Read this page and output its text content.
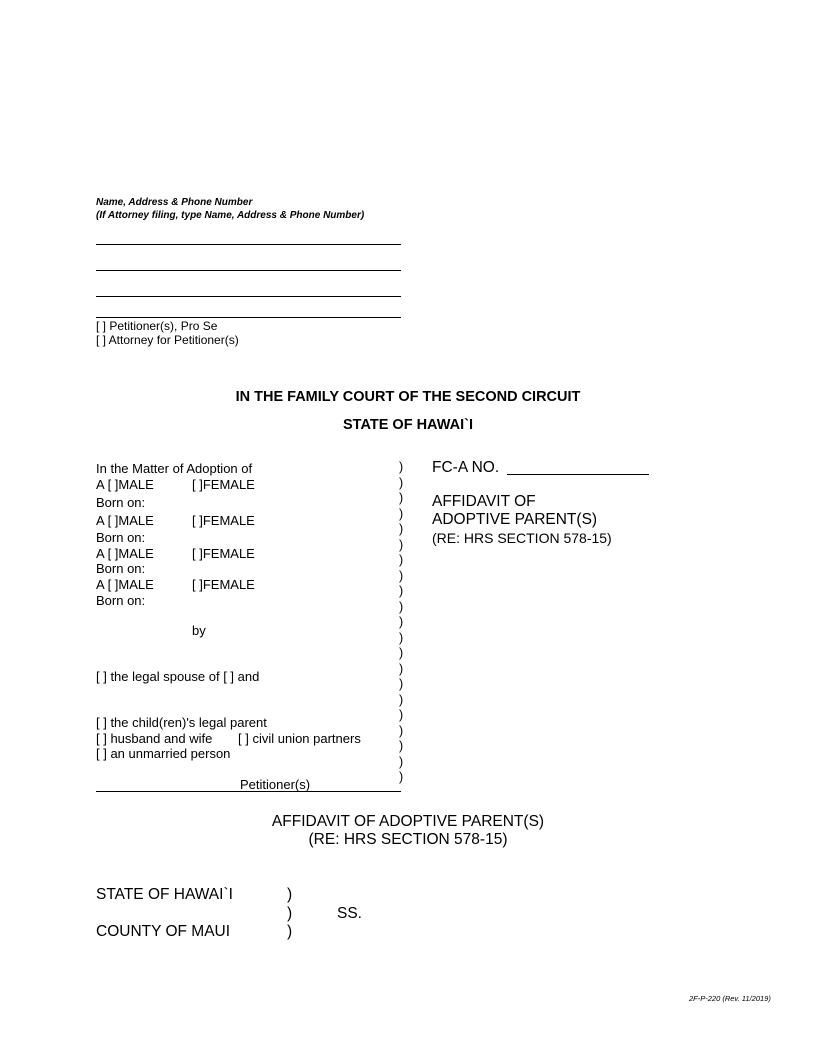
Name, Address & Phone Number
(If Attorney filing, type Name, Address & Phone Number)
[ ] Petitioner(s), Pro Se
[ ] Attorney for Petitioner(s)
IN THE FAMILY COURT OF THE SECOND CIRCUIT
STATE OF HAWAI`I
In the Matter of Adoption of
A [ ]MALE	[ ]FEMALE
Born on:
A [ ]MALE	[ ]FEMALE
Born on:
A [ ]MALE	[ ]FEMALE
Born on:
A [ ]MALE	[ ]FEMALE
Born on:
by
[ ] the legal spouse of [ ] and
[ ] the child(ren)'s legal parent
[ ] husband and wife [ ] civil union partners
[ ] an unmarried person
Petitioner(s)
)
)
)
)
)
)
)
)
)
)
)
)
)
)
)
)
)
)
)
)
)
FC-A NO.
AFFIDAVIT OF
ADOPTIVE PARENT(S)
(RE: HRS SECTION 578-15)
AFFIDAVIT OF ADOPTIVE PARENT(S)
(RE: HRS SECTION 578-15)
STATE OF HAWAI`I	)
)	SS.
COUNTY OF MAUI	)
2F-P-220 (Rev. 11/2019)
